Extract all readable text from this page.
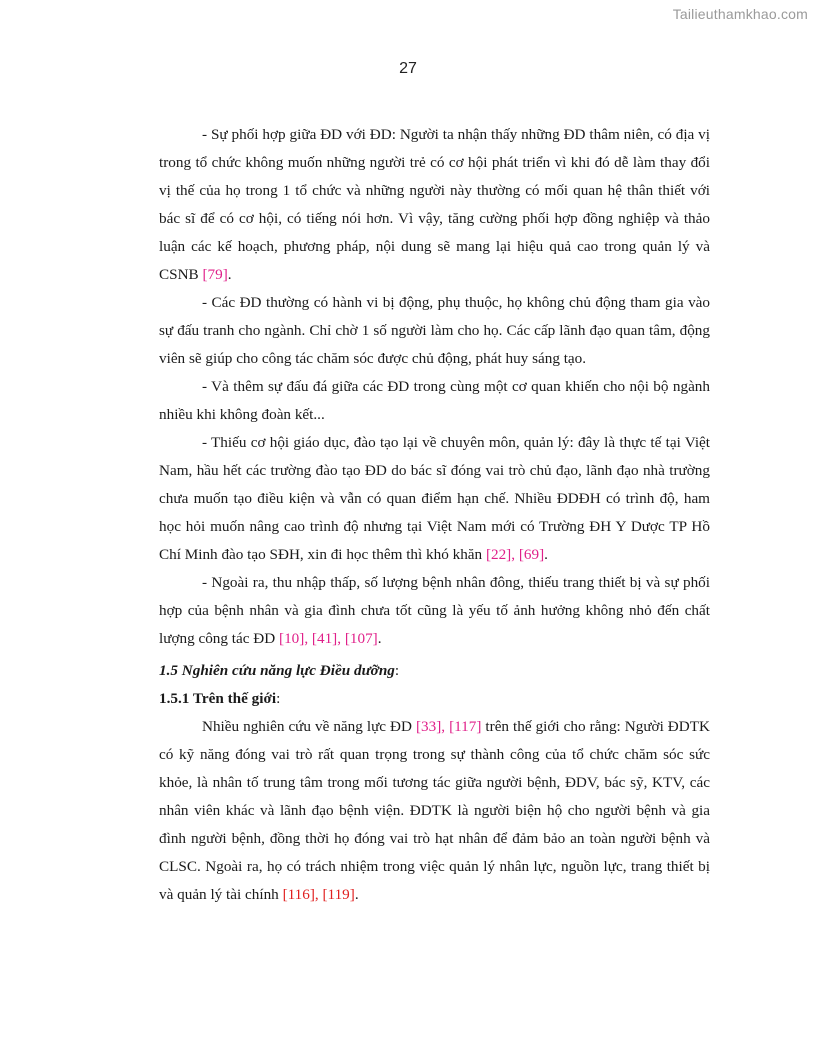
Tailieuthamkhao.com
27

- Sự phối hợp giữa ĐD với ĐD: Người ta nhận thấy những ĐD thâm niên, có địa vị trong tổ chức không muốn những người trẻ có cơ hội phát triển vì khi đó dễ làm thay đổi vị thế của họ trong 1 tổ chức và những người này thường có mối quan hệ thân thiết với bác sĩ để có cơ hội, có tiếng nói hơn. Vì vậy, tăng cường phối hợp đồng nghiệp và thảo luận các kế hoạch, phương pháp, nội dung sẽ mang lại hiệu quả cao trong quản lý và CSNB [79].

- Các ĐD thường có hành vi bị động, phụ thuộc, họ không chủ động tham gia vào sự đấu tranh cho ngành. Chỉ chờ 1 số người làm cho họ. Các cấp lãnh đạo quan tâm, động viên sẽ giúp cho công tác chăm sóc được chủ động, phát huy sáng tạo.

- Và thêm sự đấu đá giữa các ĐD trong cùng một cơ quan khiến cho nội bộ ngành nhiều khi không đoàn kết...

- Thiếu cơ hội giáo dục, đào tạo lại về chuyên môn, quản lý: đây là thực tế tại Việt Nam, hầu hết các trường đào tạo ĐD do bác sĩ đóng vai trò chủ đạo, lãnh đạo nhà trường chưa muốn tạo điều kiện và vẫn có quan điểm hạn chế. Nhiều ĐDĐH có trình độ, ham học hỏi muốn nâng cao trình độ nhưng tại Việt Nam mới có Trường ĐH Y Dược TP Hồ Chí Minh đào tạo SĐH, xin đi học thêm thì khó khăn [22], [69].

- Ngoài ra, thu nhập thấp, số lượng bệnh nhân đông, thiếu trang thiết bị và sự phối hợp của bệnh nhân và gia đình chưa tốt cũng là yếu tố ảnh hưởng không nhỏ đến chất lượng công tác ĐD [10], [41], [107].

1.5 Nghiên cứu năng lực Điều dưỡng:

1.5.1 Trên thế giới:

Nhiều nghiên cứu về năng lực ĐD [33], [117] trên thế giới cho rằng: Người ĐDTK có kỹ năng đóng vai trò rất quan trọng trong sự thành công của tổ chức chăm sóc sức khỏe, là nhân tố trung tâm trong mối tương tác giữa người bệnh, ĐDV, bác sỹ, KTV, các nhân viên khác và lãnh đạo bệnh viện. ĐDTK là người biện hộ cho người bệnh và gia đình người bệnh, đồng thời họ đóng vai trò hạt nhân để đảm bảo an toàn người bệnh và CLSC. Ngoài ra, họ có trách nhiệm trong việc quản lý nhân lực, nguồn lực, trang thiết bị và quản lý tài chính [116], [119].
